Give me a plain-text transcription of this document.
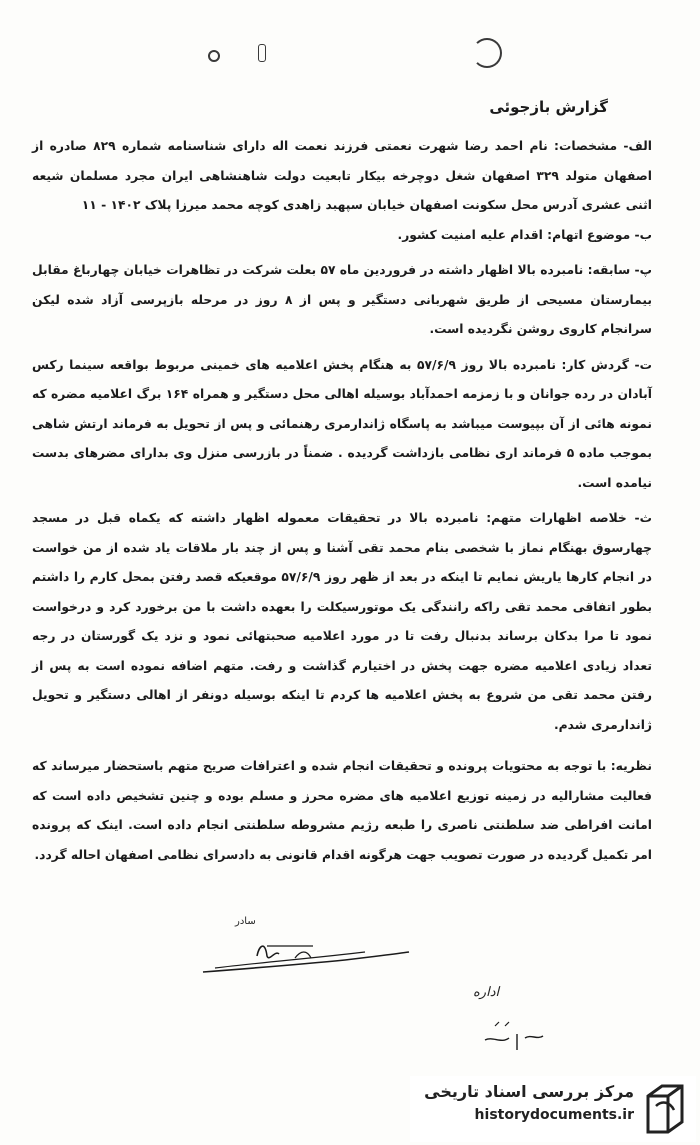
گزارش بازجوئی

الف- مشخصات: نام احمد رضا شهرت نعمتی فرزند نعمت اله دارای شناسنامه شماره ۸۲۹ صادره از اصفهان متولد ۳۲۹ اصفهان شغل دوچرخه بیکار تابعیت دولت شاهنشاهی ایران مجرد مسلمان شیعه اثنی عشری آدرس محل سکونت اصفهان خیابان سپهبد زاهدی کوچه محمد میرزا پلاک ۱۴۰۲ - ۱۱

ب- موضوع اتهام: اقدام علیه امنیت کشور.

پ- سابقه: نامبرده بالا اظهار داشته در فروردین ماه ۵۷ بعلت شرکت در تظاهرات خیابان چهارباغ مقابل بیمارستان مسیحی از طریق شهربانی دستگیر و پس از ۸ روز در مرحله بازپرسی آزاد شده لیکن سرانجام کاروی روشن نگردیده است.

ت- گردش کار: نامبرده بالا روز ۵۷/۶/۹ به هنگام پخش اعلامیه های خمینی مربوط بواقعه سینما رکس آبادان در رده جوانان و با زمزمه احمدآباد بوسیله اهالی محل دستگیر و همراه ۱۶۴ برگ اعلامیه مضره که نمونه هائی از آن بپیوست میباشد به پاسگاه ژاندارمری رهنمائی و پس از تحویل به فرماند ارتش شاهی بموجب ماده ۵ فرماند اری نظامی بازداشت گردیده . ضمناً در بازرسی منزل وی بدارای مضرهای بدست نیامده است.

ث- خلاصه اظهارات متهم: نامبرده بالا در تحقیقات معموله اظهار داشته که یکماه قبل در مسجد چهارسوق بهنگام نماز با شخصی بنام محمد تقی آشنا و پس از چند بار ملاقات یاد شده از من خواست در انجام کارها یاریش نمایم تا اینکه در بعد از ظهر روز ۵۷/۶/۹ موقعیکه قصد رفتن بمحل کارم را داشتم بطور اتفاقی محمد تقی راکه رانندگی یک موتورسیکلت را بعهده داشت با من برخورد کرد و درخواست نمود تا مرا بدکان برساند بدنبال رفت تا در مورد اعلامیه صحبتهائی نمود و نزد یک گورستان در رجه تعداد زیادی اعلامیه مضره جهت پخش در اختیارم گذاشت و رفت. متهم اضافه نموده است به پس از رفتن محمد تقی من شروع به پخش اعلامیه ها کردم تا اینکه بوسیله دونفر از اهالی دستگیر و تحویل ژاندارمری شدم.

نظریه: با توجه به محتویات پرونده و تحقیقات انجام شده و اعترافات صریح متهم باستحضار میرساند که فعالیت مشارالیه در زمینه توزیع اعلامیه های مضره محرز و مسلم بوده و چنین تشخیص داده است که امانت افراطی ضد سلطنتی ناصری را طبعه رژیم مشروطه سلطنتی انجام داده است. اینک که پرونده امر تکمیل گردیده در صورت تصویب جهت هرگونه اقدام قانونی به دادسرای نظامی اصفهان احاله گردد.

سادر
اداره
مرکز بررسی اسناد تاریخی
historydocuments.ir
